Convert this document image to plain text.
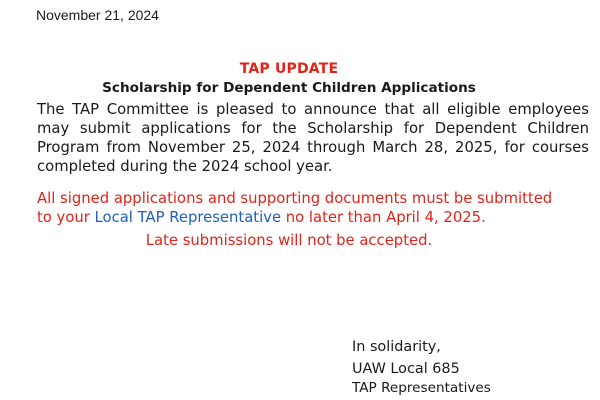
November 21, 2024

TAP UPDATE

Scholarship for Dependent Children Applications

The TAP Committee is pleased to announce that all eligible employees may submit applications for the Scholarship for Dependent Children Program from November 25, 2024 through March 28, 2025, for courses completed during the 2024 school year.

All signed applications and supporting documents must be submitted

to your Local TAP Representative no later than April 4, 2025.

Late submissions will not be accepted.

In solidarity,

UAW Local 685

TAP Representatives
